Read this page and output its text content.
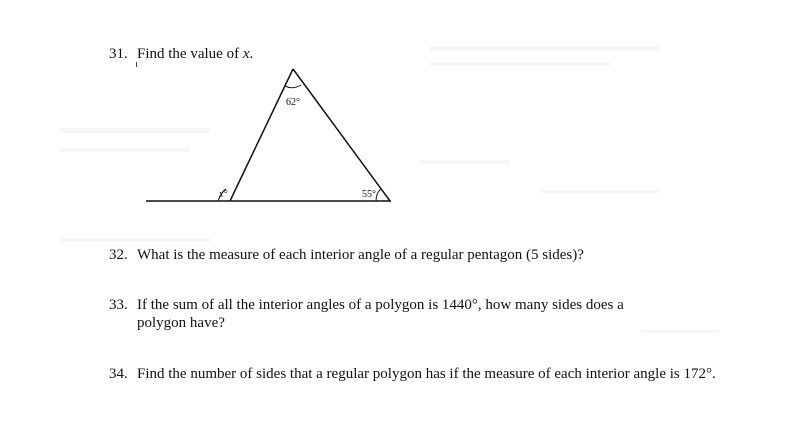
31. Find the value of x.
62°
x°	55°
32. What is the measure of each interior angle of a regular pentagon (5 sides)?
33. If the sum of all the interior angles of a polygon is 1440°, how many sides does a polygon have?
34. Find the number of sides that a regular polygon has if the measure of each interior angle is 172°.
